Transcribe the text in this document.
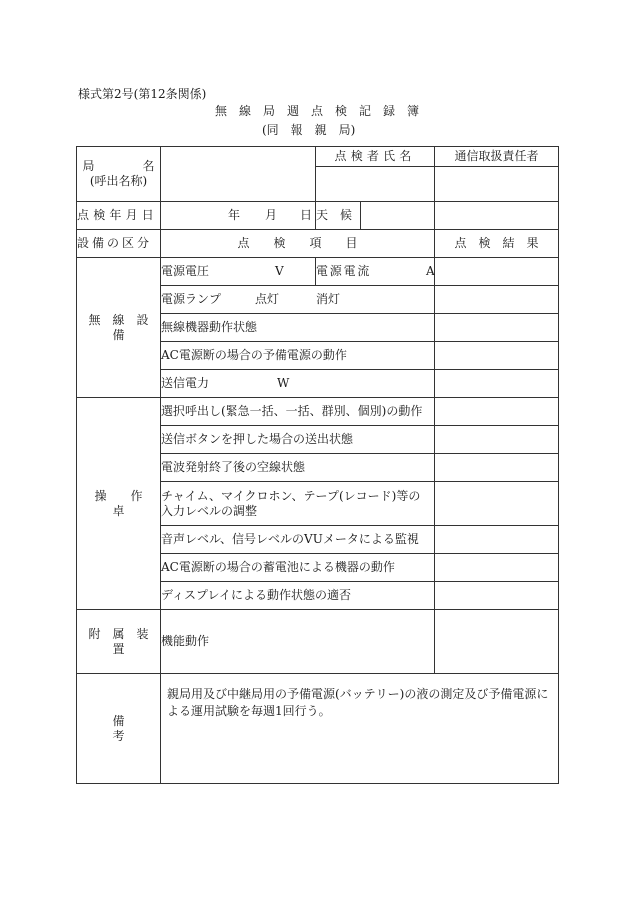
様式第2号(第12条関係)
無　線　局　週　点　検　記　録　簿
(同　報　親　局)
局　　　　名
(呼出名称)		点検者氏名		通信取扱責任者

点検年月日	年 月 日	天　候		
設備の区分	点　　検　　項　　目			点　検　結　果
無　線　設　備	電源電圧 V	電源電流 A		

	電源ランプ 点灯 消灯			

	無線機器動作状態			
	AC電源断の場合の予備電源の動作			

	送信電力 W			

操　　作　　卓	選択呼出し(緊急一括、一括、群別、個別)の動作			
	送信ボタンを押した場合の送出状態			
	電波発射終了後の空線状態			

	チャイム、マイクロホン、テープ(レコード)等の入力レベルの調整			

	音声レベル、信号レベルのVUメータによる監視			
	AC電源断の場合の蓄電池による機器の動作			
	ディスプレイによる動作状態の適否			
附　属　装　置	機能動作			
備　　　　　考	親局用及び中継局用の予備電源(バッテリー)の液の測定及び予備電源による運用試験を毎週1回行う。			
